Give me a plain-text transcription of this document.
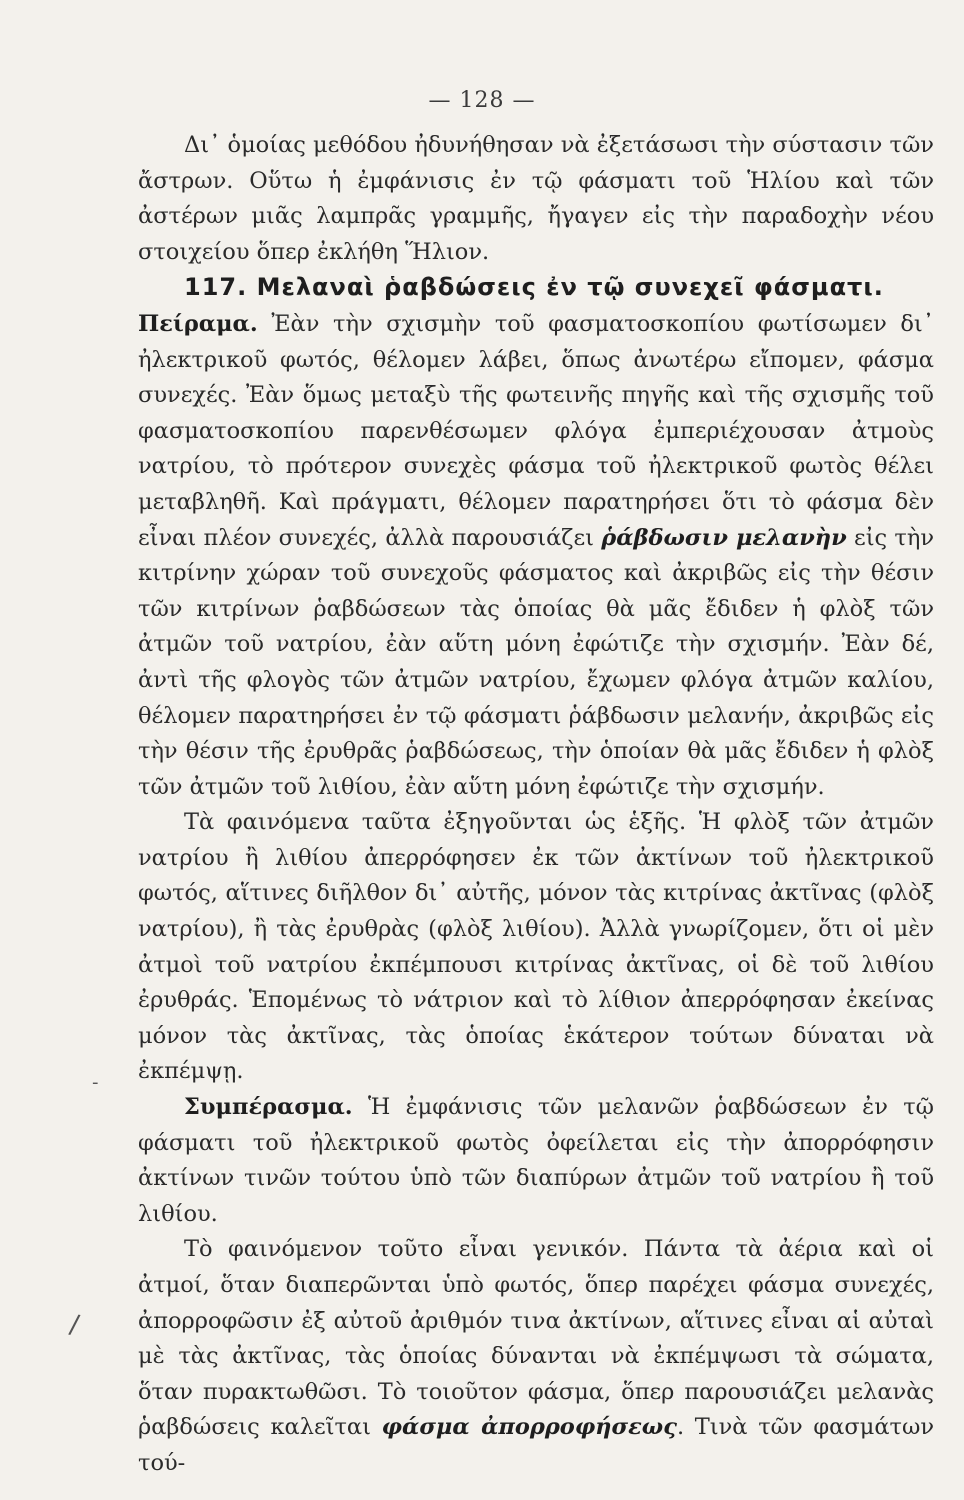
— 128 —
-
/

Δι᾽ ὁμοίας μεθόδου ἠδυνήθησαν νὰ ἐξετάσωσι τὴν σύστασιν τῶν ἄστρων. Οὕτω ἡ ἐμφάνισις ἐν τῷ φάσματι τοῦ Ἡλίου καὶ τῶν ἀστέρων μιᾶς λαμπρᾶς γραμμῆς, ἤγαγεν εἰς τὴν παραδοχὴν νέου στοιχείου ὅπερ ἐκλήθη Ἥλιον.

117. Μελαναὶ ῥαβδώσεις ἐν τῷ συνεχεῖ φάσματι.

Πείραμα. Ἐὰν τὴν σχισμὴν τοῦ φασματοσκοπίου φωτίσωμεν δι᾽ ἠλεκτρικοῦ φωτός, θέλομεν λάβει, ὅπως ἀνωτέρω εἴπομεν, φάσμα συνεχές. Ἐὰν ὅμως μεταξὺ τῆς φωτεινῆς πηγῆς καὶ τῆς σχισμῆς τοῦ φασματοσκοπίου παρενθέσωμεν φλόγα ἐμπεριέχουσαν ἀτμοὺς νατρίου, τὸ πρότερον συνεχὲς φάσμα τοῦ ἠλεκτρικοῦ φωτὸς θέλει μεταβληθῆ. Καὶ πράγματι, θέλομεν παρατηρήσει ὅτι τὸ φάσμα δὲν εἶναι πλέον συνεχές, ἀλλὰ παρουσιάζει ῥάβδωσιν μελανὴν εἰς τὴν κιτρίνην χώραν τοῦ συνεχοῦς φάσματος καὶ ἀκριβῶς εἰς τὴν θέσιν τῶν κιτρίνων ῥαβδώσεων τὰς ὁποίας θὰ μᾶς ἔδιδεν ἡ φλὸξ τῶν ἀτμῶν τοῦ νατρίου, ἐὰν αὕτη μόνη ἐφώτιζε τὴν σχισμήν. Ἐὰν δέ, ἀντὶ τῆς φλογὸς τῶν ἀτμῶν νατρίου, ἔχωμεν φλόγα ἀτμῶν καλίου, θέλομεν παρατηρήσει ἐν τῷ φάσματι ῥάβδωσιν μελανήν, ἀκριβῶς εἰς τὴν θέσιν τῆς ἐρυθρᾶς ῥαβδώσεως, τὴν ὁποίαν θὰ μᾶς ἔδιδεν ἡ φλὸξ τῶν ἀτμῶν τοῦ λιθίου, ἐὰν αὕτη μόνη ἐφώτιζε τὴν σχισμήν.

Τὰ φαινόμενα ταῦτα ἐξηγοῦνται ὡς ἑξῆς. Ἡ φλὸξ τῶν ἀτμῶν νατρίου ἢ λιθίου ἀπερρόφησεν ἐκ τῶν ἀκτίνων τοῦ ἠλεκτρικοῦ φωτός, αἵτινες διῆλθον δι᾽ αὐτῆς, μόνον τὰς κιτρίνας ἀκτῖνας (φλὸξ νατρίου), ἢ τὰς ἐρυθρὰς (φλὸξ λιθίου). Ἀλλὰ γνωρίζομεν, ὅτι οἱ μὲν ἀτμοὶ τοῦ νατρίου ἐκπέμπουσι κιτρίνας ἀκτῖνας, οἱ δὲ τοῦ λιθίου ἐρυθράς. Ἑπομένως τὸ νάτριον καὶ τὸ λίθιον ἀπερρόφησαν ἐκείνας μόνον τὰς ἀκτῖνας, τὰς ὁποίας ἑκάτερον τούτων δύναται νὰ ἐκπέμψῃ.

Συμπέρασμα. Ἡ ἐμφάνισις τῶν μελανῶν ῥαβδώσεων ἐν τῷ φάσματι τοῦ ἠλεκτρικοῦ φωτὸς ὀφείλεται εἰς τὴν ἀπορρόφησιν ἀκτίνων τινῶν τούτου ὑπὸ τῶν διαπύρων ἀτμῶν τοῦ νατρίου ἢ τοῦ λιθίου.

Τὸ φαινόμενον τοῦτο εἶναι γενικόν. Πάντα τὰ ἀέρια καὶ οἱ ἀτμοί, ὅταν διαπερῶνται ὑπὸ φωτός, ὅπερ παρέχει φάσμα συνεχές, ἀπορροφῶσιν ἐξ αὐτοῦ ἀριθμόν τινα ἀκτίνων, αἵτινες εἶναι αἱ αὐταὶ μὲ τὰς ἀκτῖνας, τὰς ὁποίας δύνανται νὰ ἐκπέμψωσι τὰ σώματα, ὅταν πυρακτωθῶσι. Τὸ τοιοῦτον φάσμα, ὅπερ παρουσιάζει μελανὰς ῥαβδώσεις καλεῖται φάσμα ἀπορροφήσεως. Τινὰ τῶν φασμάτων τού-
